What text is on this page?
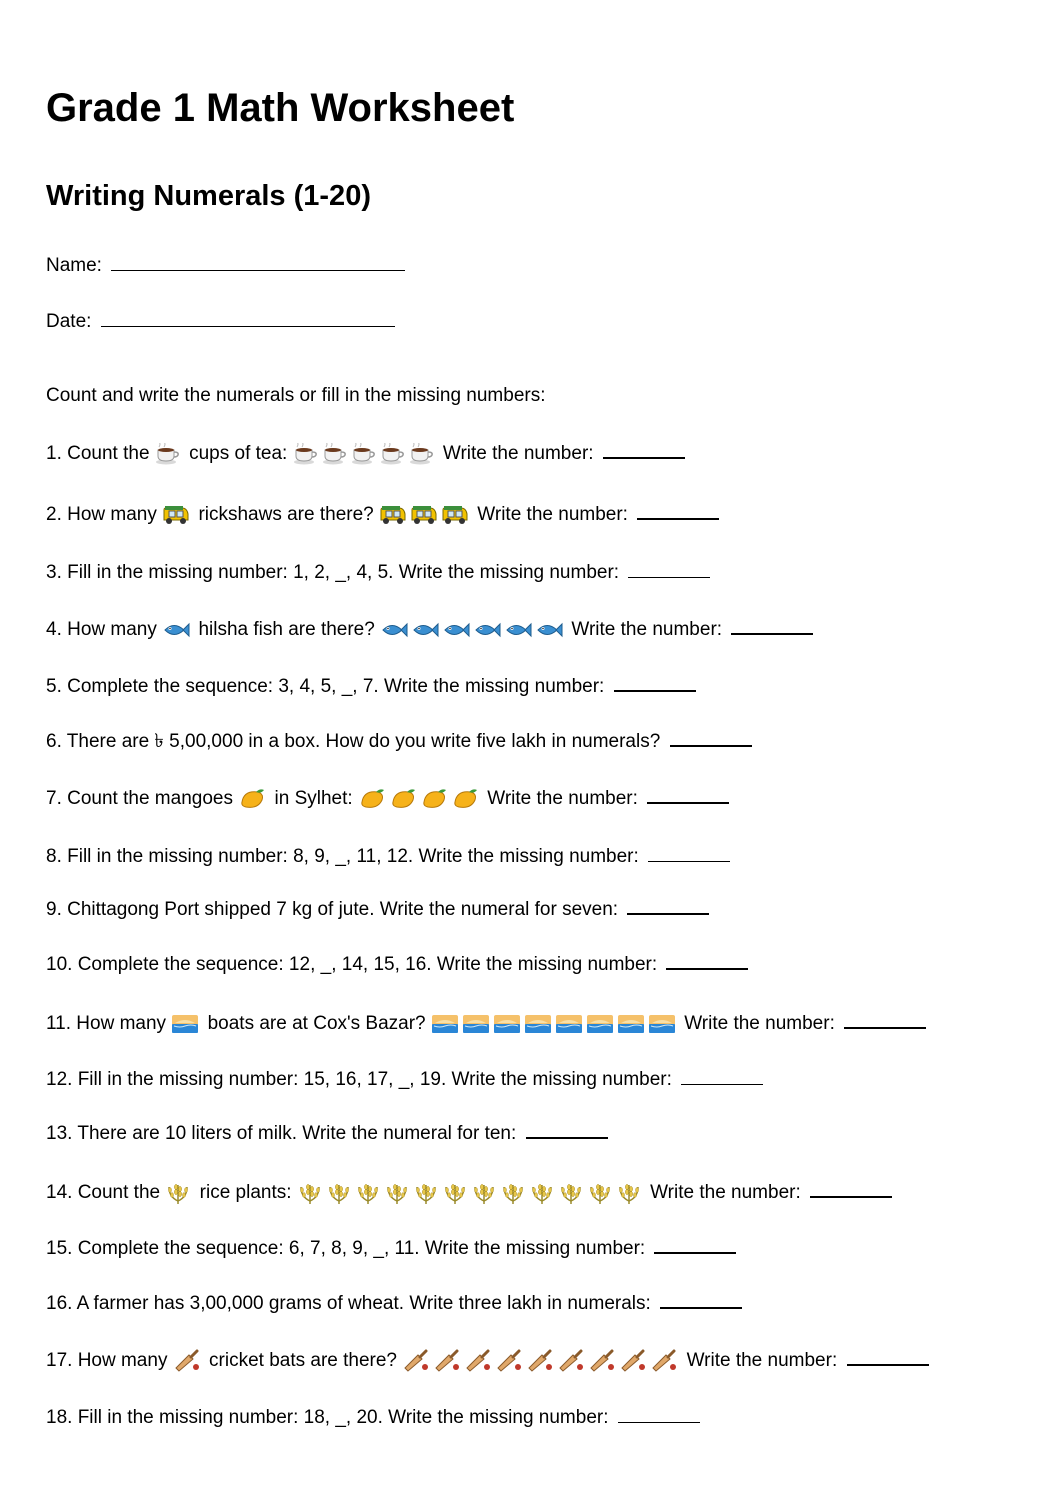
Grade 1 Math Worksheet
Writing Numerals (1-20)
Name:
Date:
Count and write the numerals or fill in the missing numbers:
1. Count the cups of tea:	Write the number:
2. How many rickshaws are there?	Write the number:
3. Fill in the missing number: 1, 2, _, 4, 5. Write the missing number:
4. How many hilsha fish are there?	Write the number:
5. Complete the sequence: 3, 4, 5, _, 7. Write the missing number:
6. There are ৳ 5,00,000 in a box. How do you write five lakh in numerals?
7. Count the mangoes in Sylhet:	Write the number:
8. Fill in the missing number: 8, 9, _, 11, 12. Write the missing number:
9. Chittagong Port shipped 7 kg of jute. Write the numeral for seven:
10. Complete the sequence: 12, _, 14, 15, 16. Write the missing number:
11. How many boats are at Cox's Bazar?	Write the number:
12. Fill in the missing number: 15, 16, 17, _, 19. Write the missing number:
13. There are 10 liters of milk. Write the numeral for ten:
14. Count the rice plants:	Write the number:
15. Complete the sequence: 6, 7, 8, 9, _, 11. Write the missing number:
16. A farmer has 3,00,000 grams of wheat. Write three lakh in numerals:
17. How many cricket bats are there?	Write the number:
18. Fill in the missing number: 18, _, 20. Write the missing number:
